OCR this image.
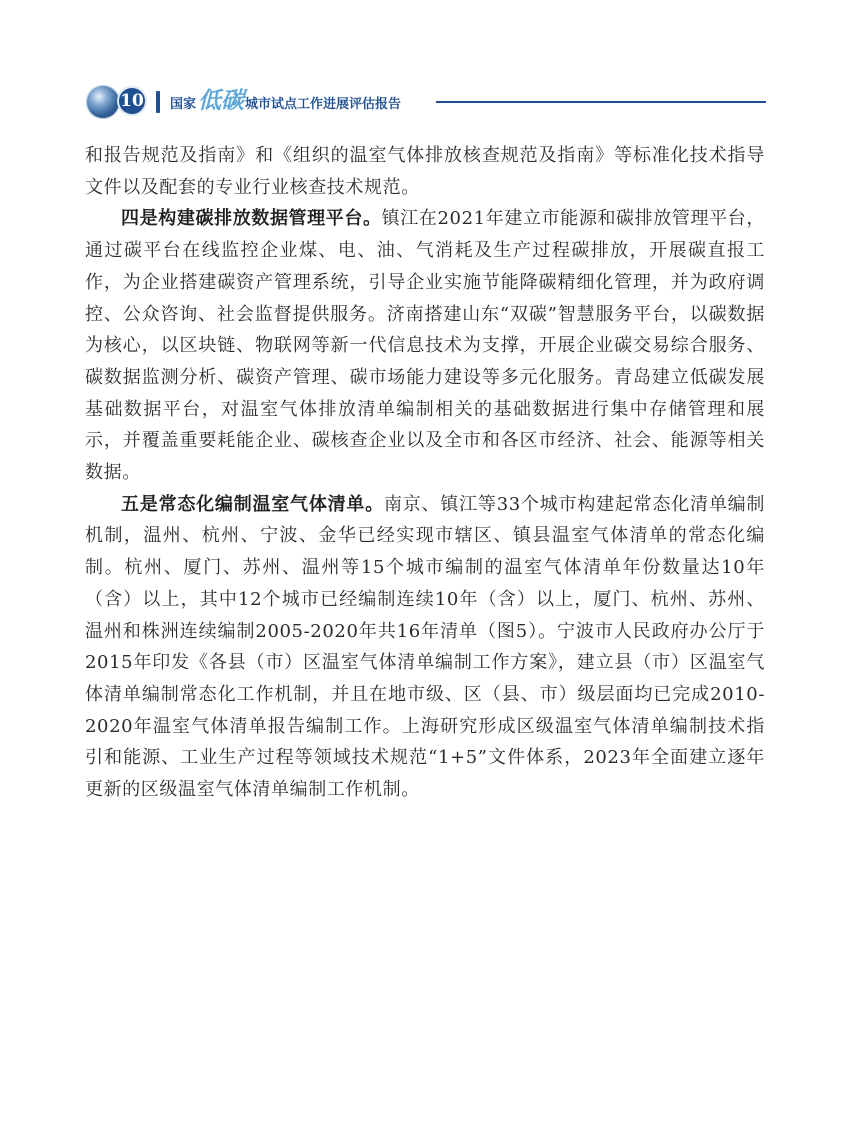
10 国家 低碳 城市试点工作进展评估报告

和报告规范及指南》和《组织的温室气体排放核查规范及指南》等标准化技术指导文件以及配套的专业行业核查技术规范。

四是构建碳排放数据管理平台。镇江在2021年建立市能源和碳排放管理平台，通过碳平台在线监控企业煤、电、油、气消耗及生产过程碳排放，开展碳直报工作，为企业搭建碳资产管理系统，引导企业实施节能降碳精细化管理，并为政府调控、公众咨询、社会监督提供服务。济南搭建山东“双碳”智慧服务平台，以碳数据为核心，以区块链、物联网等新一代信息技术为支撑，开展企业碳交易综合服务、碳数据监测分析、碳资产管理、碳市场能力建设等多元化服务。青岛建立低碳发展基础数据平台，对温室气体排放清单编制相关的基础数据进行集中存储管理和展示，并覆盖重要耗能企业、碳核查企业以及全市和各区市经济、社会、能源等相关数据。

五是常态化编制温室气体清单。南京、镇江等33个城市构建起常态化清单编制机制，温州、杭州、宁波、金华已经实现市辖区、镇县温室气体清单的常态化编制。杭州、厦门、苏州、温州等15个城市编制的温室气体清单年份数量达10年（含）以上，其中12个城市已经编制连续10年（含）以上，厦门、杭州、苏州、温州和株洲连续编制2005-2020年共16年清单（图5）。宁波市人民政府办公厅于2015年印发《各县（市）区温室气体清单编制工作方案》，建立县（市）区温室气体清单编制常态化工作机制，并且在地市级、区（县、市）级层面均已完成2010-2020年温室气体清单报告编制工作。上海研究形成区级温室气体清单编制技术指引和能源、工业生产过程等领域技术规范“1+5”文件体系，2023年全面建立逐年更新的区级温室气体清单编制工作机制。
